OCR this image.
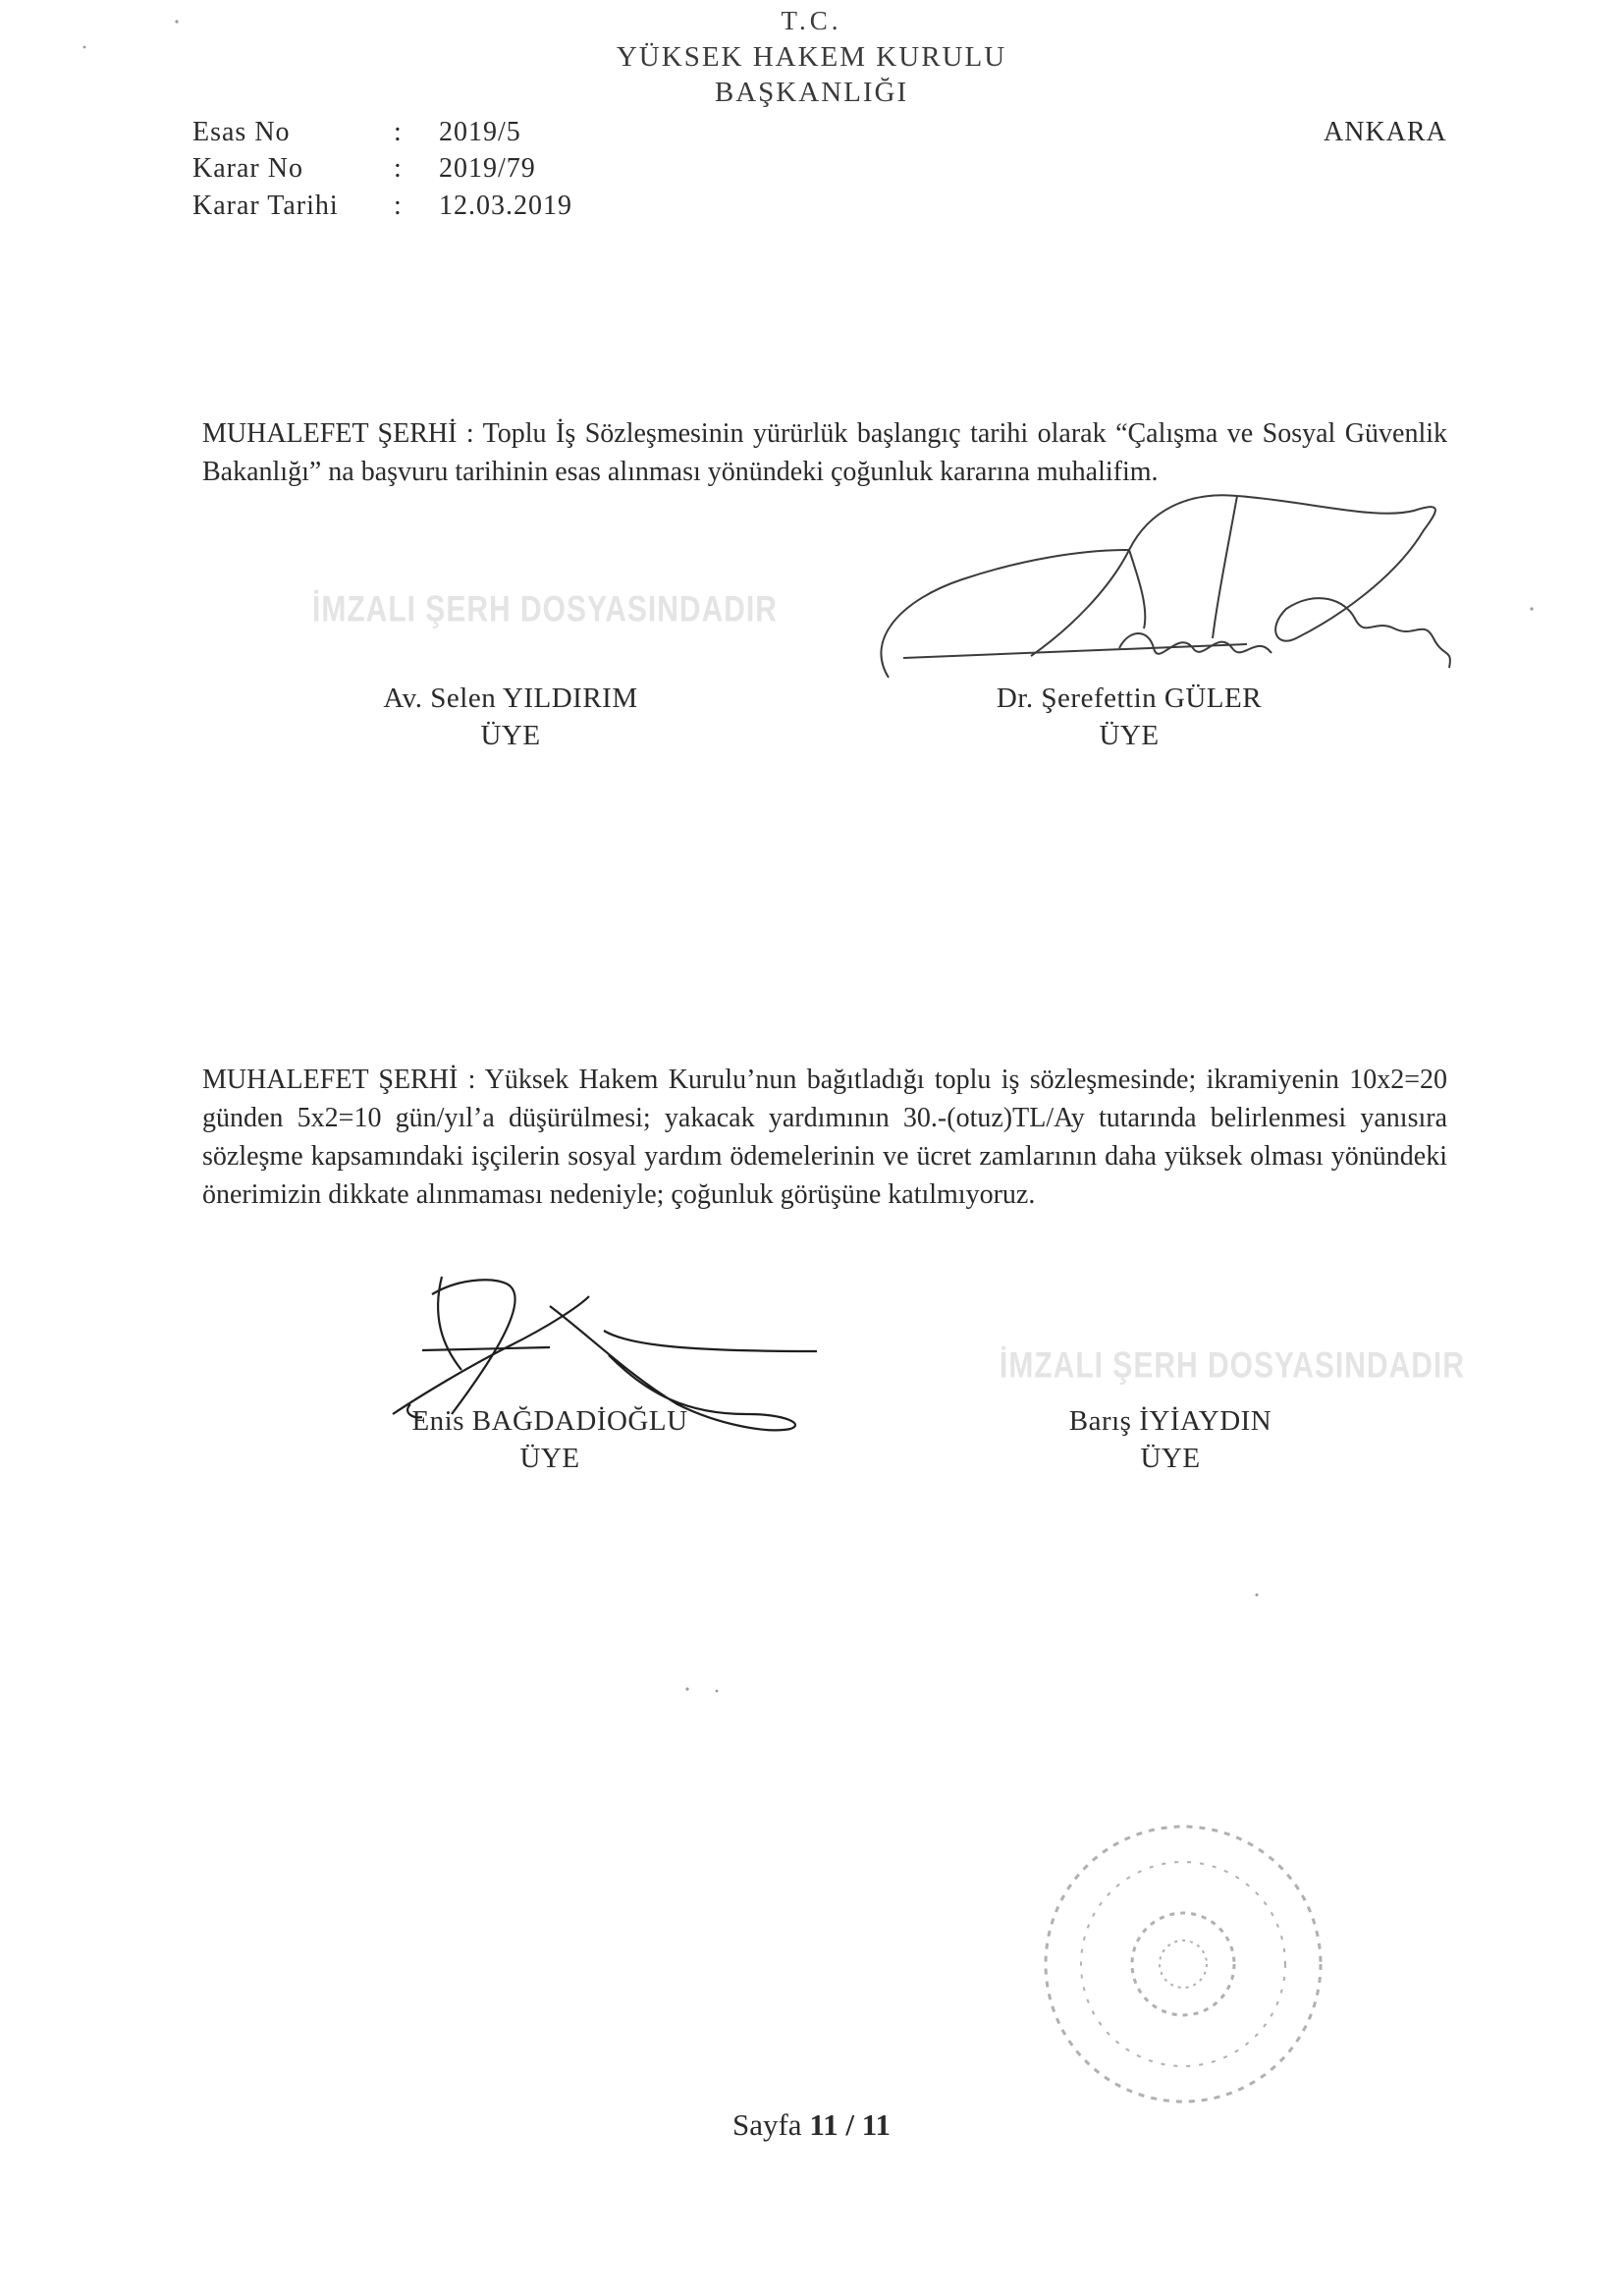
T.C.
YÜKSEK HAKEM KURULU
BAŞKANLIĞI
Esas No	: 2019/5
Karar No	: 2019/79
Karar Tarihi	: 12.03.2019
ANKARA
MUHALEFET ŞERHİ : Toplu İş Sözleşmesinin yürürlük başlangıç tarihi olarak “Çalışma ve Sosyal Güvenlik Bakanlığı” na başvuru tarihinin esas alınması yönündeki çoğunluk kararına muhalifim.
İMZALI ŞERH DOSYASINDADIR
Av. Selen YILDIRIM
ÜYE
Dr. Şerefettin GÜLER
ÜYE
MUHALEFET ŞERHİ : Yüksek Hakem Kurulu’nun bağıtladığı toplu iş sözleşmesinde; ikramiyenin 10x2=20 günden 5x2=10 gün/yıl’a düşürülmesi; yakacak yardımının 30.-(otuz)TL/Ay tutarında belirlenmesi yanısıra sözleşme kapsamındaki işçilerin sosyal yardım ödemelerinin ve ücret zamlarının daha yüksek olması yönündeki önerimizin dikkate alınmaması nedeniyle; çoğunluk görüşüne katılmıyoruz.
Enis BAĞDADİOĞLU
ÜYE
İMZALI ŞERH DOSYASINDADIR
Barış İYİAYDIN
ÜYE
Sayfa 11 / 11
